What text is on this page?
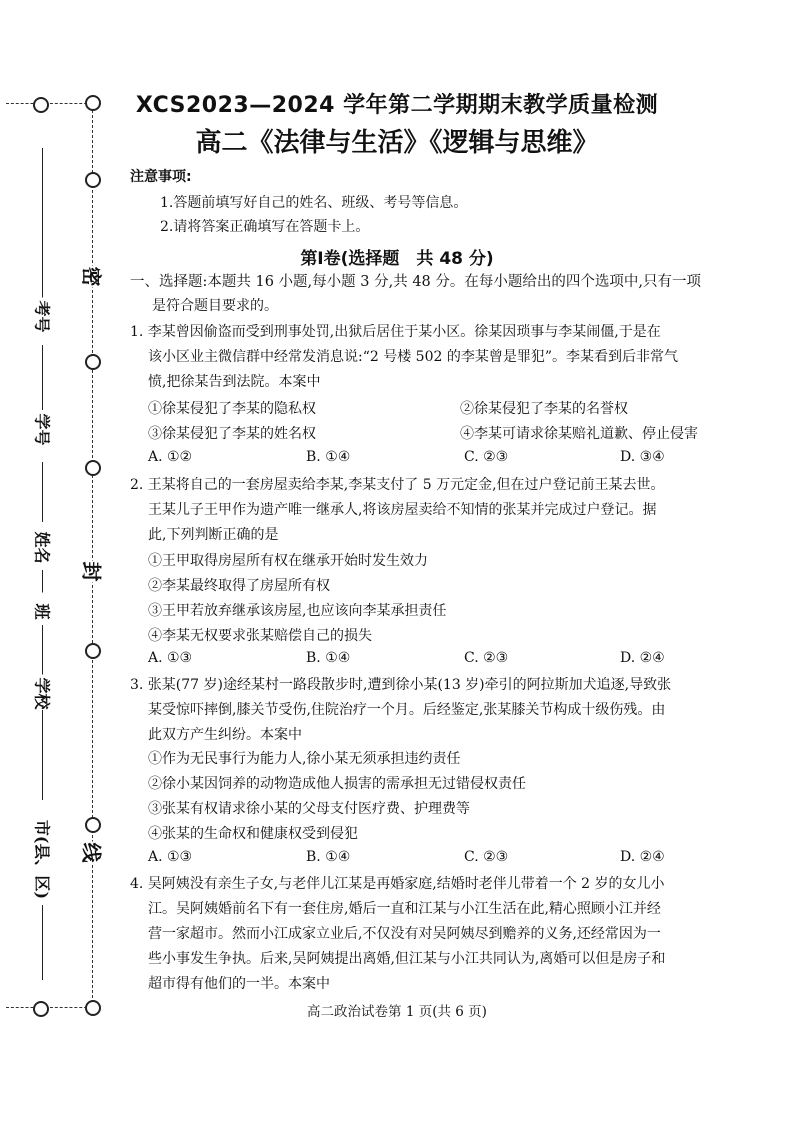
密
封
线
考号
学号
姓名
班
学校
市(县、区)
XCS2023—2024 学年第二学期期末教学质量检测
高二《法律与生活》《逻辑与思维》
注意事项:
1.答题前填写好自己的姓名、班级、考号等信息。
2.请将答案正确填写在答题卡上。
第Ⅰ卷(选择题　共 48 分)
一、选择题:本题共 16 小题,每小题 3 分,共 48 分。在每小题给出的四个选项中,只有一项
是符合题目要求的。
1. 李某曾因偷盗而受到刑事处罚,出狱后居住于某小区。徐某因琐事与李某闹僵,于是在
该小区业主微信群中经常发消息说:“2 号楼 502 的李某曾是罪犯”。李某看到后非常气
愤,把徐某告到法院。本案中
①徐某侵犯了李某的隐私权	②徐某侵犯了李某的名誉权
③徐某侵犯了李某的姓名权	④李某可请求徐某赔礼道歉、停止侵害
A. ①②	B. ①④	C. ②③	D. ③④
2. 王某将自己的一套房屋卖给李某,李某支付了 5 万元定金,但在过户登记前王某去世。
王某儿子王甲作为遗产唯一继承人,将该房屋卖给不知情的张某并完成过户登记。据
此,下列判断正确的是
①王甲取得房屋所有权在继承开始时发生效力
②李某最终取得了房屋所有权
③王甲若放弃继承该房屋,也应该向李某承担责任
④李某无权要求张某赔偿自己的损失
A. ①③	B. ①④	C. ②③	D. ②④
3. 张某(77 岁)途经某村一路段散步时,遭到徐小某(13 岁)牵引的阿拉斯加犬追逐,导致张
某受惊吓摔倒,膝关节受伤,住院治疗一个月。后经鉴定,张某膝关节构成十级伤残。由
此双方产生纠纷。本案中
①作为无民事行为能力人,徐小某无须承担违约责任
②徐小某因饲养的动物造成他人损害的需承担无过错侵权责任
③张某有权请求徐小某的父母支付医疗费、护理费等
④张某的生命权和健康权受到侵犯
A. ①③	B. ①④	C. ②③	D. ②④
4. 吴阿姨没有亲生子女,与老伴儿江某是再婚家庭,结婚时老伴儿带着一个 2 岁的女儿小
江。吴阿姨婚前名下有一套住房,婚后一直和江某与小江生活在此,精心照顾小江并经
营一家超市。然而小江成家立业后,不仅没有对吴阿姨尽到赡养的义务,还经常因为一
些小事发生争执。后来,吴阿姨提出离婚,但江某与小江共同认为,离婚可以但是房子和
超市得有他们的一半。本案中
高二政治试卷第 1 页(共 6 页)
